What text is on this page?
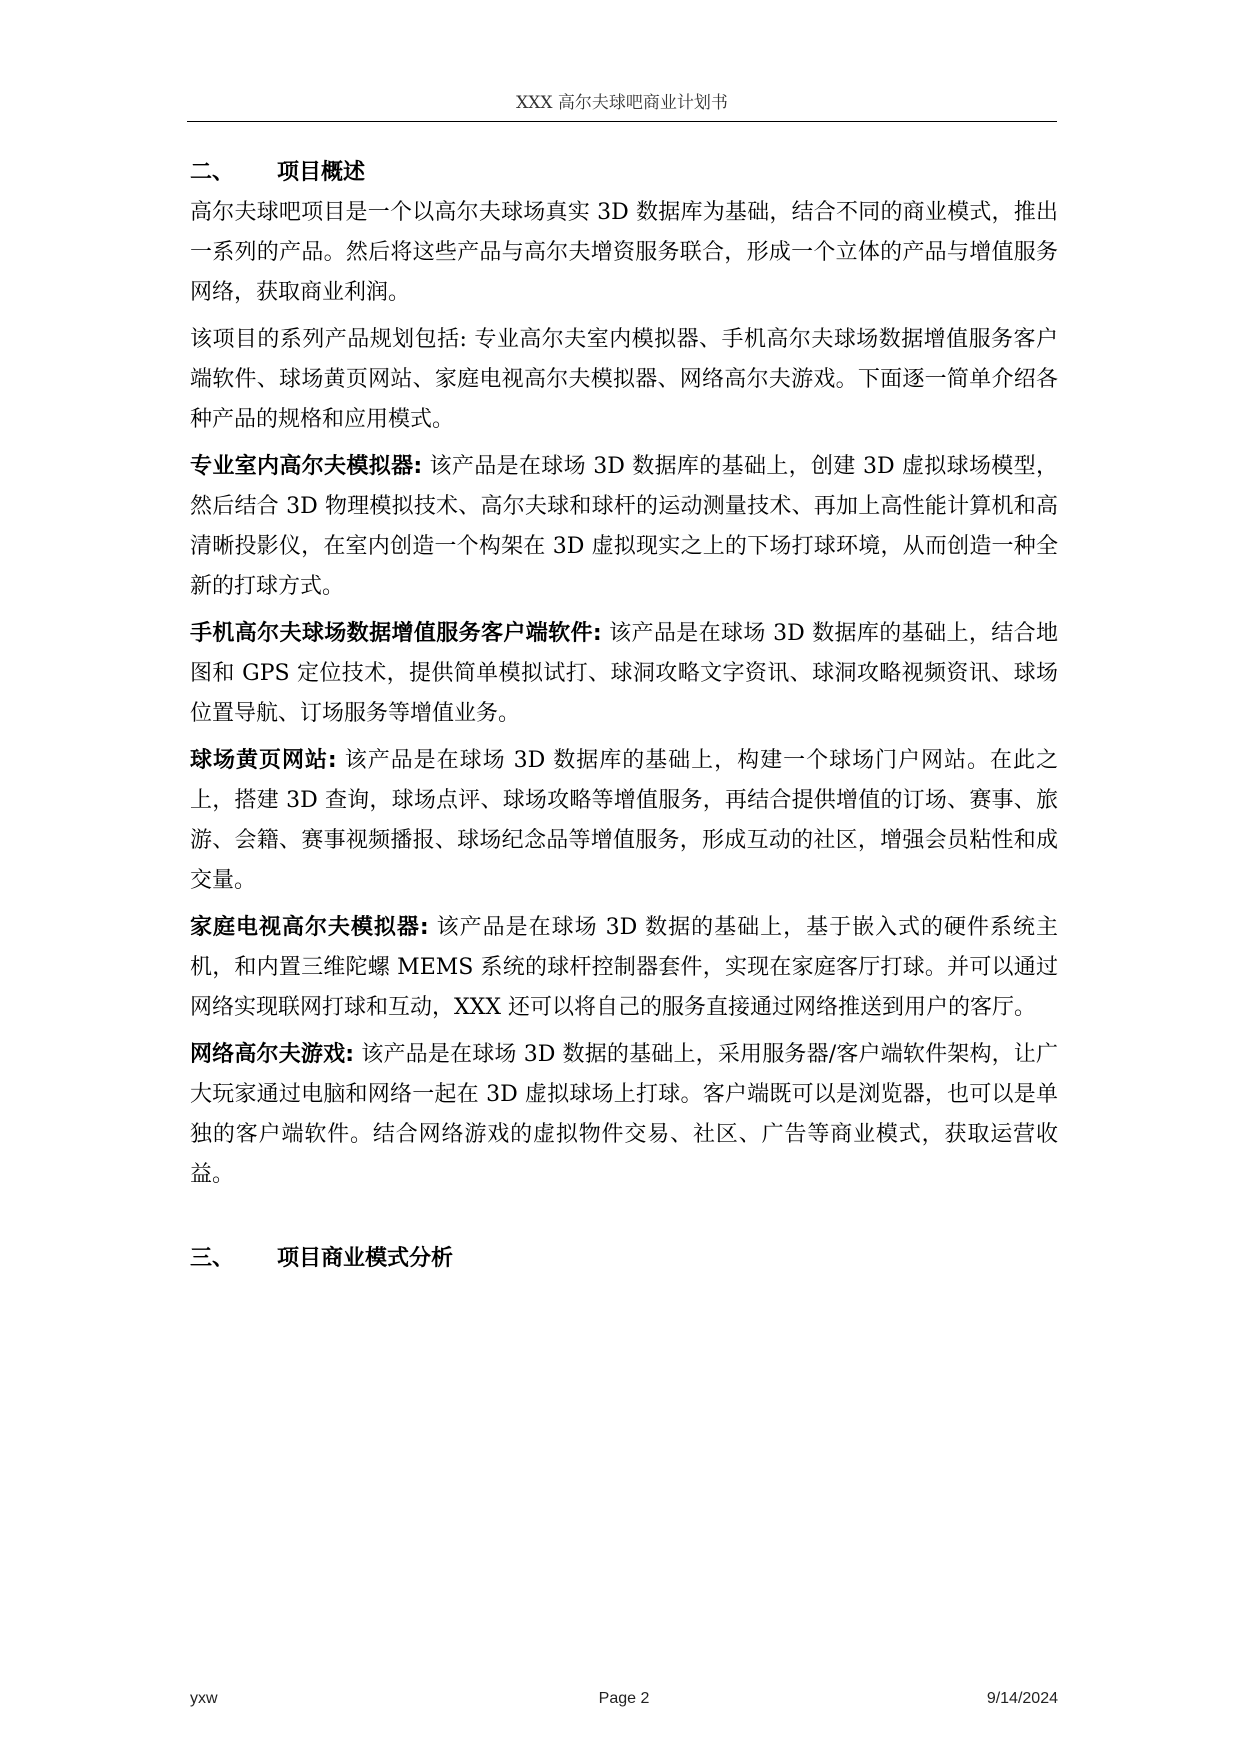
XXX 高尔夫球吧商业计划书
二、 项目概述

高尔夫球吧项目是一个以高尔夫球场真实 3D 数据库为基础，结合不同的商业模式，推出一系列的产品。然后将这些产品与高尔夫增资服务联合，形成一个立体的产品与增值服务网络，获取商业利润。

该项目的系列产品规划包括: 专业高尔夫室内模拟器、手机高尔夫球场数据增值服务客户端软件、球场黄页网站、家庭电视高尔夫模拟器、网络高尔夫游戏。下面逐一简单介绍各种产品的规格和应用模式。

专业室内高尔夫模拟器: 该产品是在球场 3D 数据库的基础上，创建 3D 虚拟球场模型，然后结合 3D 物理模拟技术、高尔夫球和球杆的运动测量技术、再加上高性能计算机和高清晰投影仪，在室内创造一个构架在 3D 虚拟现实之上的下场打球环境，从而创造一种全新的打球方式。

手机高尔夫球场数据增值服务客户端软件: 该产品是在球场 3D 数据库的基础上，结合地图和 GPS 定位技术，提供简单模拟试打、球洞攻略文字资讯、球洞攻略视频资讯、球场位置导航、订场服务等增值业务。

球场黄页网站: 该产品是在球场 3D 数据库的基础上，构建一个球场门户网站。在此之上，搭建 3D 查询，球场点评、球场攻略等增值服务，再结合提供增值的订场、赛事、旅游、会籍、赛事视频播报、球场纪念品等增值服务，形成互动的社区，增强会员粘性和成交量。

家庭电视高尔夫模拟器: 该产品是在球场 3D 数据的基础上，基于嵌入式的硬件系统主机，和内置三维陀螺 MEMS 系统的球杆控制器套件，实现在家庭客厅打球。并可以通过网络实现联网打球和互动，XXX 还可以将自己的服务直接通过网络推送到用户的客厅。

网络高尔夫游戏: 该产品是在球场 3D 数据的基础上，采用服务器/客户端软件架构，让广大玩家通过电脑和网络一起在 3D 虚拟球场上打球。客户端既可以是浏览器，也可以是单独的客户端软件。结合网络游戏的虚拟物件交易、社区、广告等商业模式，获取运营收益。

三、 项目商业模式分析
yxw	Page 2	9/14/2024
